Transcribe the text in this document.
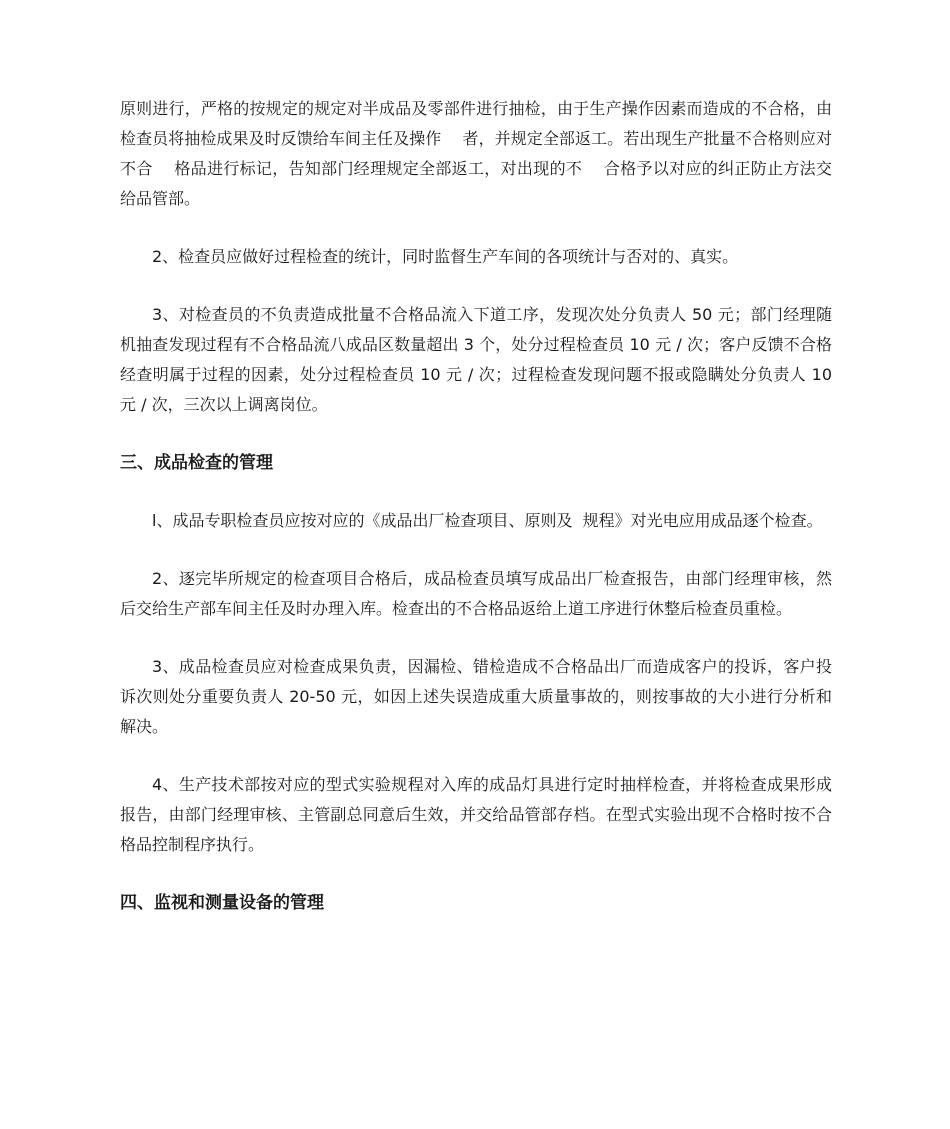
原则进行，严格的按规定的规定对半成品及零部件进行抽检，由于生产操作因素而造成的不合格，由检查员将抽检成果及时反馈给车间主任及操作　 者，并规定全部返工。若出现生产批量不合格则应对不合　 格品进行标记，告知部门经理规定全部返工，对出现的不　 合格予以对应的纠正防止方法交给品管部。

2、检查员应做好过程检查的统计，同时监督生产车间的各项统计与否对的、真实。

3、对检查员的不负责造成批量不合格品流入下道工序，发现次处分负责人 50 元；部门经理随机抽查发现过程有不合格品流八成品区数量超出 3 个，处分过程检查员 10 元 / 次；客户反馈不合格经查明属于过程的因素，处分过程检查员 10 元 / 次；过程检查发现问题不报或隐瞒处分负责人 10 元 / 次，三次以上调离岗位。

三、成品检查的管理

l、成品专职检查员应按对应的《成品出厂检查项目、原则及  规程》对光电应用成品逐个检查。

2、逐完毕所规定的检查项目合格后，成品检查员填写成品出厂检查报告，由部门经理审核，然后交给生产部车间主任及时办理入库。检查出的不合格品返给上道工序进行休整后检查员重检。

3、成品检查员应对检查成果负责，因漏检、错检造成不合格品出厂而造成客户的投诉，客户投诉次则处分重要负责人 20-50 元，如因上述失误造成重大质量事故的，则按事故的大小进行分析和解决。

4、生产技术部按对应的型式实验规程对入库的成品灯具进行定时抽样检查，并将检查成果形成报告，由部门经理审核、主管副总同意后生效，并交给品管部存档。在型式实验出现不合格时按不合格品控制程序执行。

四、监视和测量设备的管理
